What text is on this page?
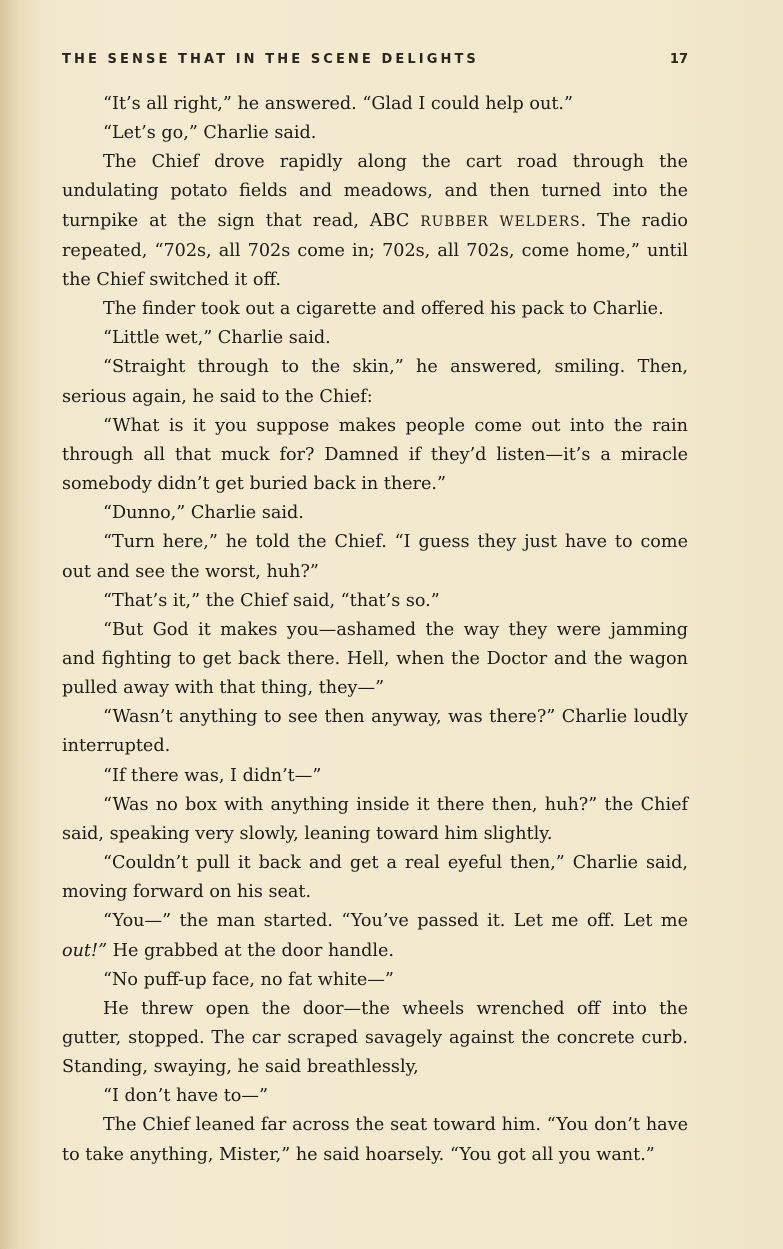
THE SENSE THAT IN THE SCENE DELIGHTS	17

“It’s all right,” he answered. “Glad I could help out.”

“Let’s go,” Charlie said.

The Chief drove rapidly along the cart road through the undulating potato fields and meadows, and then turned into the turnpike at the sign that read, ABC RUBBER WELDERS. The radio repeated, “702s, all 702s come in; 702s, all 702s, come home,” until the Chief switched it off.

The finder took out a cigarette and offered his pack to Charlie.

“Little wet,” Charlie said.

“Straight through to the skin,” he answered, smiling. Then, serious again, he said to the Chief:

“What is it you suppose makes people come out into the rain through all that muck for? Damned if they’d listen—it’s a miracle somebody didn’t get buried back in there.”

“Dunno,” Charlie said.

“Turn here,” he told the Chief. “I guess they just have to come out and see the worst, huh?”

“That’s it,” the Chief said, “that’s so.”

“But God it makes you—ashamed the way they were jamming and fighting to get back there. Hell, when the Doctor and the wagon pulled away with that thing, they—”

“Wasn’t anything to see then anyway, was there?” Charlie loudly interrupted.

“If there was, I didn’t—”

“Was no box with anything inside it there then, huh?” the Chief said, speaking very slowly, leaning toward him slightly.

“Couldn’t pull it back and get a real eyeful then,” Charlie said, moving forward on his seat.

“You—” the man started. “You’ve passed it. Let me off. Let me out!” He grabbed at the door handle.

“No puff-up face, no fat white—”

He threw open the door—the wheels wrenched off into the gutter, stopped. The car scraped savagely against the concrete curb. Standing, swaying, he said breathlessly,

“I don’t have to—”

The Chief leaned far across the seat toward him. “You don’t have to take anything, Mister,” he said hoarsely. “You got all you want.”
